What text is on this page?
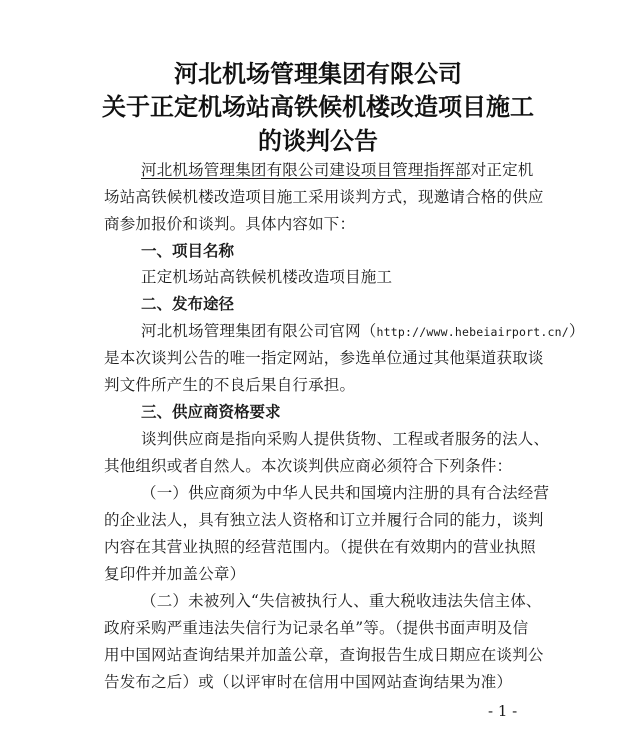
河北机场管理集团有限公司
关于正定机场站高铁候机楼改造项目施工
的谈判公告
河北机场管理集团有限公司建设项目管理指挥部对正定机
场站高铁候机楼改造项目施工采用谈判方式，现邀请合格的供应
商参加报价和谈判。具体内容如下：
一、项目名称
正定机场站高铁候机楼改造项目施工
二、发布途径
河北机场管理集团有限公司官网（http://www.hebeiairport.cn/）
是本次谈判公告的唯一指定网站，参选单位通过其他渠道获取谈
判文件所产生的不良后果自行承担。
三、供应商资格要求
谈判供应商是指向采购人提供货物、工程或者服务的法人、
其他组织或者自然人。本次谈判供应商必须符合下列条件：
（一）供应商须为中华人民共和国境内注册的具有合法经营
的企业法人，具有独立法人资格和订立并履行合同的能力，谈判
内容在其营业执照的经营范围内。（提供在有效期内的营业执照
复印件并加盖公章）
（二）未被列入“失信被执行人、重大税收违法失信主体、
政府采购严重违法失信行为记录名单”等。（提供书面声明及信
用中国网站查询结果并加盖公章，查询报告生成日期应在谈判公
告发布之后）或（以评审时在信用中国网站查询结果为准）
- 1 -
